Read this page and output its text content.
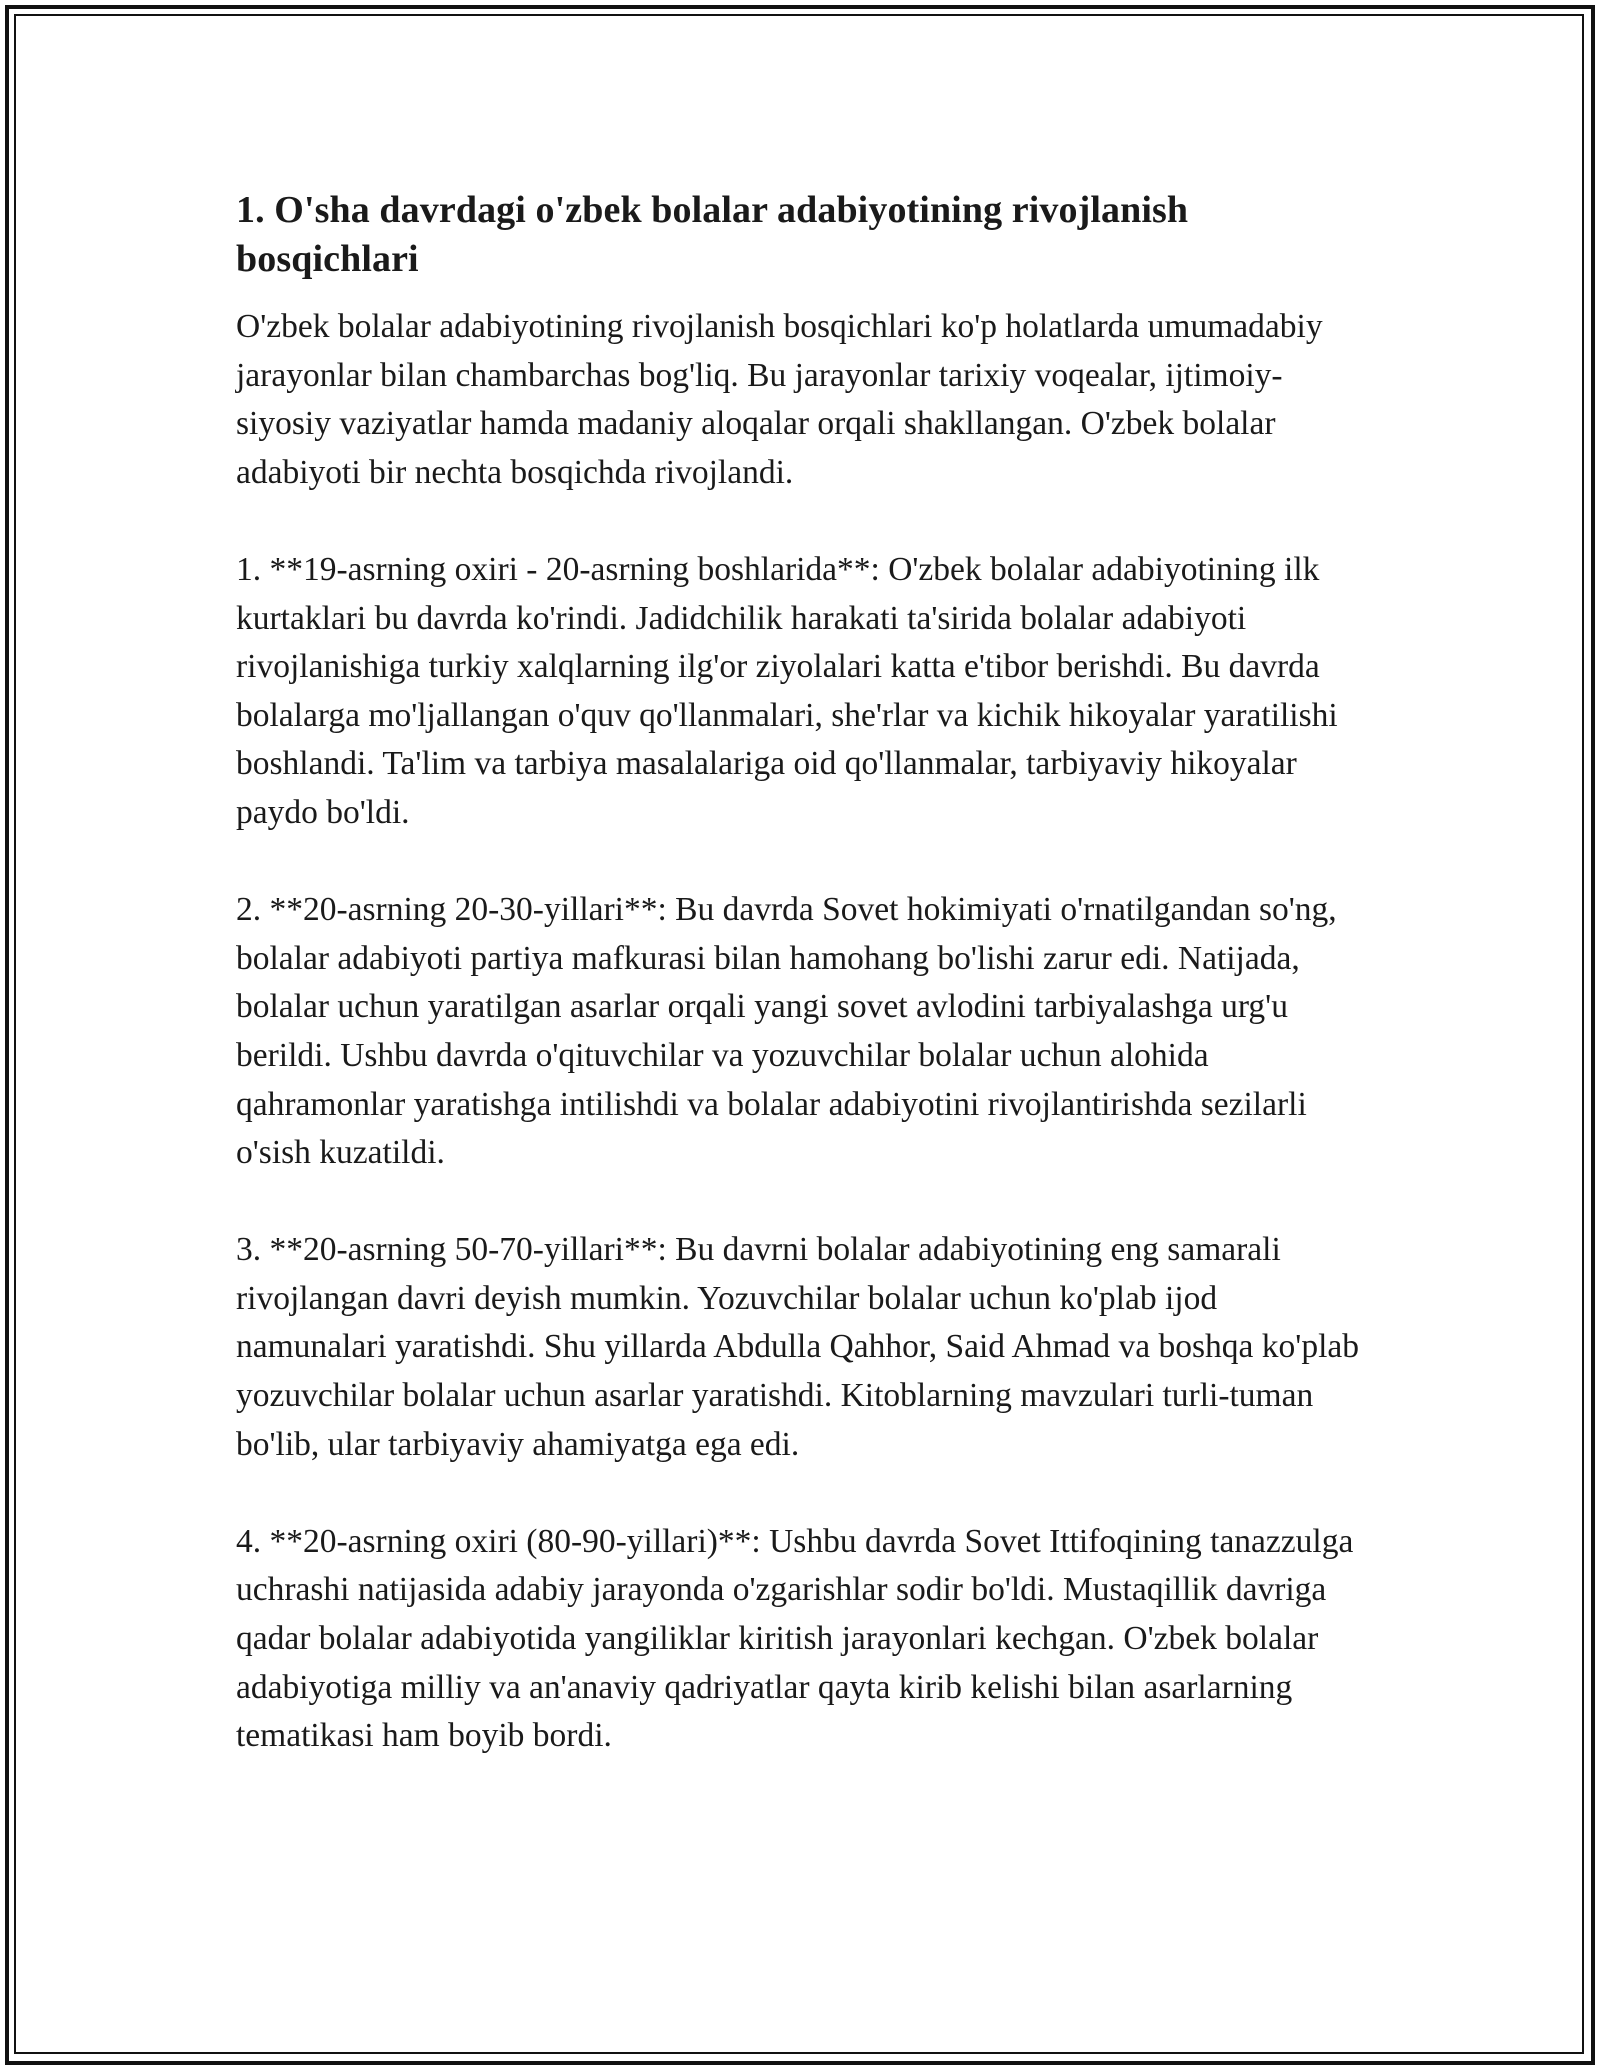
1. O'sha davrdagi o'zbek bolalar adabiyotining rivojlanish bosqichlari

O'zbek bolalar adabiyotining rivojlanish bosqichlari ko'p holatlarda umumadabiy jarayonlar bilan chambarchas bog'liq. Bu jarayonlar tarixiy voqealar, ijtimoiy-siyosiy vaziyatlar hamda madaniy aloqalar orqali shakllangan. O'zbek bolalar adabiyoti bir nechta bosqichda rivojlandi.

1. **19-asrning oxiri - 20-asrning boshlarida**: O'zbek bolalar adabiyotining ilk kurtaklari bu davrda ko'rindi. Jadidchilik harakati ta'sirida bolalar adabiyoti rivojlanishiga turkiy xalqlarning ilg'or ziyolalari katta e'tibor berishdi. Bu davrda bolalarga mo'ljallangan o'quv qo'llanmalari, she'rlar va kichik hikoyalar yaratilishi boshlandi. Ta'lim va tarbiya masalalariga oid qo'llanmalar, tarbiyaviy hikoyalar paydo bo'ldi.

2. **20-asrning 20-30-yillari**: Bu davrda Sovet hokimiyati o'rnatilgandan so'ng, bolalar adabiyoti partiya mafkurasi bilan hamohang bo'lishi zarur edi. Natijada, bolalar uchun yaratilgan asarlar orqali yangi sovet avlodini tarbiyalashga urg'u berildi. Ushbu davrda o'qituvchilar va yozuvchilar bolalar uchun alohida qahramonlar yaratishga intilishdi va bolalar adabiyotini rivojlantirishda sezilarli o'sish kuzatildi.

3. **20-asrning 50-70-yillari**: Bu davrni bolalar adabiyotining eng samarali rivojlangan davri deyish mumkin. Yozuvchilar bolalar uchun ko'plab ijod namunalari yaratishdi. Shu yillarda Abdulla Qahhor, Said Ahmad va boshqa ko'plab yozuvchilar bolalar uchun asarlar yaratishdi. Kitoblarning mavzulari turli-tuman bo'lib, ular tarbiyaviy ahamiyatga ega edi.

4. **20-asrning oxiri (80-90-yillari)**: Ushbu davrda Sovet Ittifoqining tanazzulga uchrashi natijasida adabiy jarayonda o'zgarishlar sodir bo'ldi. Mustaqillik davriga qadar bolalar adabiyotida yangiliklar kiritish jarayonlari kechgan. O'zbek bolalar adabiyotiga milliy va an'anaviy qadriyatlar qayta kirib kelishi bilan asarlarning tematikasi ham boyib bordi.
